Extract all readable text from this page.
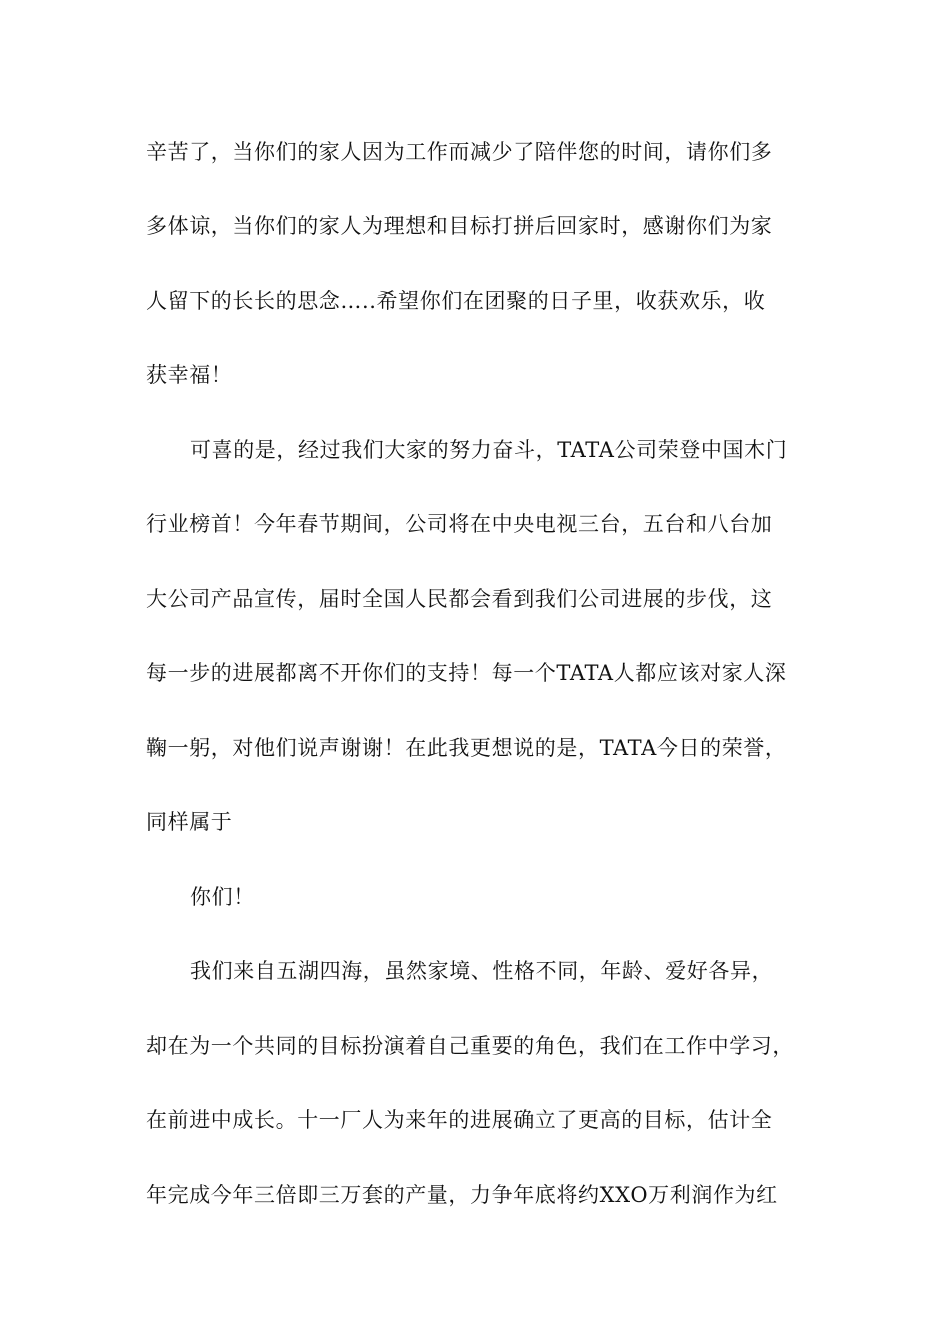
辛苦了，当你们的家人因为工作而减少了陪伴您的时间，请你们多
多体谅，当你们的家人为理想和目标打拼后回家时，感谢你们为家
人留下的长长的思念…..希望你们在团聚的日子里，收获欢乐，收
获幸福！
可喜的是，经过我们大家的努力奋斗，TATA公司荣登中国木门
行业榜首！今年春节期间，公司将在中央电视三台，五台和八台加
大公司产品宣传，届时全国人民都会看到我们公司进展的步伐，这
每一步的进展都离不开你们的支持！每一个TATA人都应该对家人深
鞠一躬，对他们说声谢谢！在此我更想说的是，TATA今日的荣誉，
同样属于
你们！
我们来自五湖四海，虽然家境、性格不同，年龄、爱好各异，
却在为一个共同的目标扮演着自己重要的角色，我们在工作中学习，
在前进中成长。十一厂人为来年的进展确立了更高的目标，估计全
年完成今年三倍即三万套的产量，力争年底将约XXO万利润作为红
